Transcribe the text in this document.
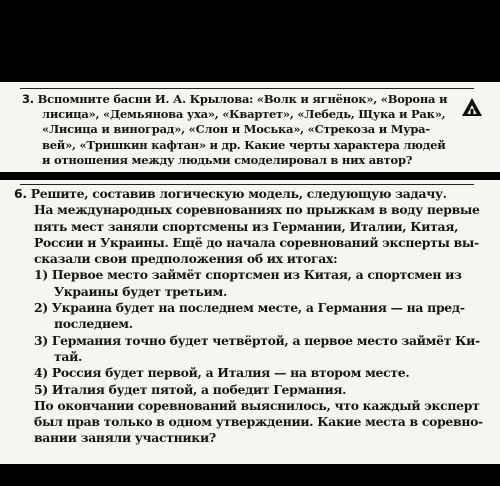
3. Вспомните басни И. А. Крылова: «Волк и ягнёнок», «Ворона и
лисица», «Демьянова уха», «Квартет», «Лебедь, Щука и Рак»,
«Лисица и виноград», «Слон и Моська», «Стрекоза и Мура-
вей», «Тришкин кафтан» и др. Какие черты характера людей
и отношения между людьми смоделировал в них автор?
6. Решите, составив логическую модель, следующую задачу.
На международных соревнованиях по прыжкам в воду первые
пять мест заняли спортсмены из Германии, Италии, Китая,
России и Украины. Ещё до начала соревнований эксперты вы-
сказали свои предположения об их итогах:
1) Первое место займёт спортсмен из Китая, а спортсмен из
Украины будет третьим.
2) Украина будет на последнем месте, а Германия — на пред-
последнем.
3) Германия точно будет четвёртой, а первое место займёт Ки-
тай.
4) Россия будет первой, а Италия — на втором месте.
5) Италия будет пятой, а победит Германия.
По окончании соревнований выяснилось, что каждый эксперт
был прав только в одном утверждении. Какие места в соревно-
вании заняли участники?
